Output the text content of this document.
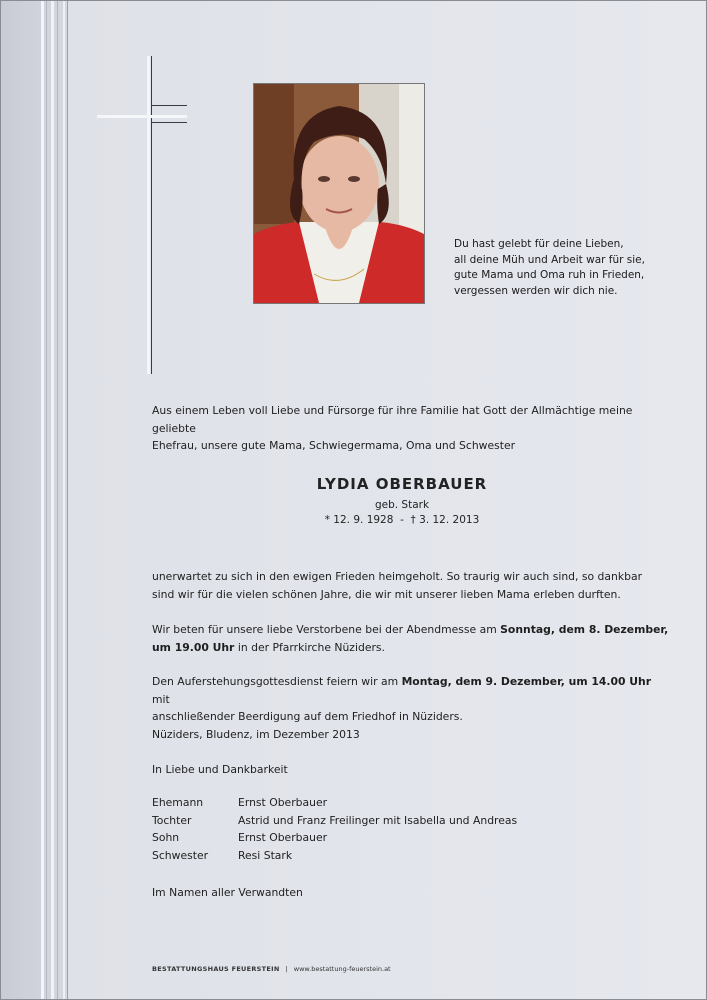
Du hast gelebt für deine Lieben,
all deine Müh und Arbeit war für sie,
gute Mama und Oma ruh in Frieden,
vergessen werden wir dich nie.
Aus einem Leben voll Liebe und Fürsorge für ihre Familie hat Gott der Allmächtige meine geliebte
Ehefrau, unsere gute Mama, Schwiegermama, Oma und Schwester
LYDIA OBERBAUER
geb. Stark
* 12. 9. 1928  -  † 3. 12. 2013
unerwartet zu sich in den ewigen Frieden heimgeholt. So traurig wir auch sind, so dankbar
sind wir für die vielen schönen Jahre, die wir mit unserer lieben Mama erleben durften.
Wir beten für unsere liebe Verstorbene bei der Abendmesse am Sonntag, dem 8. Dezember,
um 19.00 Uhr in der Pfarrkirche Nüziders.
Den Auferstehungsgottesdienst feiern wir am Montag, dem 9. Dezember, um 14.00 Uhr mit
anschließender Beerdigung auf dem Friedhof in Nüziders.
Nüziders, Bludenz, im Dezember 2013
In Liebe und Dankbarkeit
Ehemann	Ernst Oberbauer
Tochter	Astrid und Franz Freilinger mit Isabella und Andreas
Sohn	Ernst Oberbauer
Schwester	Resi Stark
Im Namen aller Verwandten
BESTATTUNGSHAUS FEUERSTEIN | www.bestattung-feuerstein.at
